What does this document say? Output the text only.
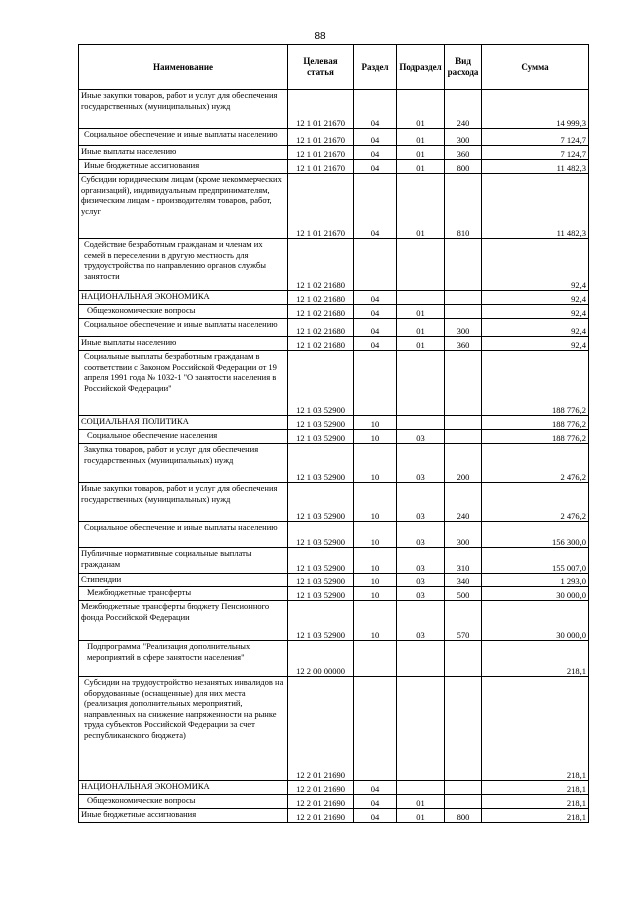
88
Наименование	Целевая статья	Раздел	Подраздел	Вид расхода	Сумма
Иные закупки товаров, работ и услуг для обеспечения государственных (муниципальных) нужд	12 1 01 21670	04	01	240	14 999,3
Социальное обеспечение и иные выплаты населению	12 1 01 21670	04	01	300	7 124,7
Иные выплаты населению	12 1 01 21670	04	01	360	7 124,7
Иные бюджетные ассигнования	12 1 01 21670	04	01	800	11 482,3
Субсидии юридическим лицам (кроме некоммерческих организаций), индивидуальным предпринимателям, физическим лицам - производителям товаров, работ, услуг	12 1 01 21670	04	01	810	11 482,3
Содействие безработным гражданам и членам их семей в переселении в другую местность для трудоустройства по направлению органов службы занятости	12 1 02 21680				92,4
НАЦИОНАЛЬНАЯ ЭКОНОМИКА	12 1 02 21680	04			92,4
Общеэкономические вопросы	12 1 02 21680	04	01		92,4
Социальное обеспечение и иные выплаты населению	12 1 02 21680	04	01	300	92,4
Иные выплаты населению	12 1 02 21680	04	01	360	92,4
Социальные выплаты безработным гражданам в соответствии с Законом Российской Федерации от 19 апреля 1991 года № 1032-1 "О занятости населения в Российской Федерации"	12 1 03 52900				188 776,2
СОЦИАЛЬНАЯ ПОЛИТИКА	12 1 03 52900	10			188 776,2
Социальное обеспечение населения	12 1 03 52900	10	03		188 776,2
Закупка товаров, работ и услуг для обеспечения государственных (муниципальных) нужд	12 1 03 52900	10	03	200	2 476,2
Иные закупки товаров, работ и услуг для обеспечения государственных (муниципальных) нужд	12 1 03 52900	10	03	240	2 476,2
Социальное обеспечение и иные выплаты населению	12 1 03 52900	10	03	300	156 300,0
Публичные нормативные социальные выплаты гражданам	12 1 03 52900	10	03	310	155 007,0
Стипендии	12 1 03 52900	10	03	340	1 293,0
Межбюджетные трансферты	12 1 03 52900	10	03	500	30 000,0
Межбюджетные трансферты бюджету Пенсионного фонда Российской Федерации	12 1 03 52900	10	03	570	30 000,0
Подпрограмма "Реализация дополнительных мероприятий в сфере занятости населения"	12 2 00 00000				218,1
Субсидии на трудоустройство незанятых инвалидов на оборудованные (оснащенные) для них места (реализация дополнительных мероприятий, направленных на снижение напряженности на рынке труда субъектов Российской Федерации за счет республиканского бюджета)	12 2 01 21690				218,1
НАЦИОНАЛЬНАЯ ЭКОНОМИКА	12 2 01 21690	04			218,1
Общеэкономические вопросы	12 2 01 21690	04	01		218,1
Иные бюджетные ассигнования	12 2 01 21690	04	01	800	218,1
